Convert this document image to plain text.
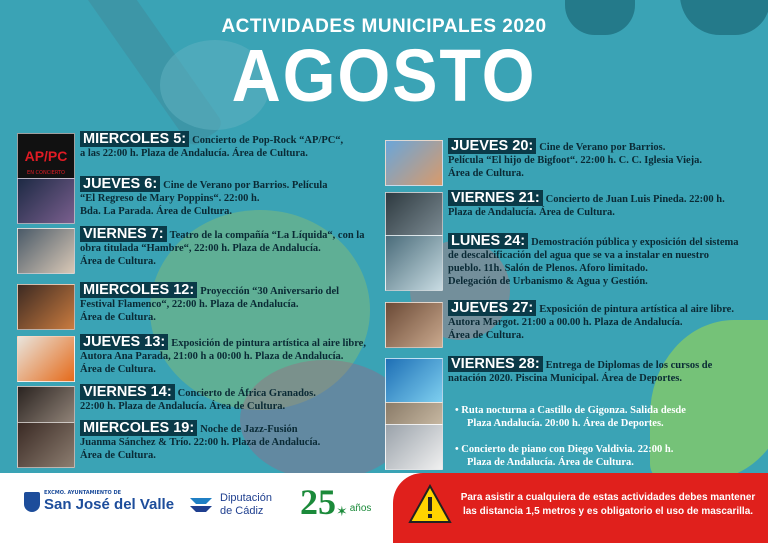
ACTIVIDADES MUNICIPALES 2020
AGOSTO
AP/PC
EN CONCIERTO
MIERCOLES 5: Concierto de Pop-Rock “AP/PC“,
a las 22:00 h. Plaza de Andalucía. Área de Cultura.
JUEVES 6: Cine de Verano por Barrios. Película
“El Regreso de Mary Poppins“. 22:00 h.
Bda. La Parada. Área de Cultura.
VIERNES 7: Teatro de la compañía “La Líquida“, con la
obra titulada “Hambre“, 22:00 h. Plaza de Andalucía.
Área de Cultura.
MIERCOLES 12: Proyección “30 Aniversario del
Festival Flamenco“, 22:00 h. Plaza de Andalucía.
Área de Cultura.
JUEVES 13: Exposición de pintura artística al aire libre,
Autora Ana Parada, 21:00 h a 00:00 h. Plaza de Andalucía.
Área de Cultura.
VIERNES 14: Concierto de África Granados.
22:00 h. Plaza de Andalucía. Área de Cultura.
MIERCOLES 19: Noche de Jazz-Fusión
Juanma Sánchez & Trío. 22:00 h. Plaza de Andalucía.
Área de Cultura.
JUEVES 20: Cine de Verano por Barrios.
Película “El hijo de Bigfoot“. 22:00 h. C. C. Iglesia Vieja.
Área de Cultura.
VIERNES 21: Concierto de Juan Luis Pineda. 22:00 h.
Plaza de Andalucía. Área de Cultura.
LUNES 24: Demostración pública y exposición del sistema
de descalcificación del agua que se va a instalar en nuestro
pueblo. 11h. Salón de Plenos. Aforo limitado.
Delegación de Urbanismo & Agua y Gestión.
JUEVES 27: Exposición de pintura artística al aire libre.
Autora Margot. 21:00 a 00.00 h. Plaza de Andalucía.
Área de Cultura.
VIERNES 28: Entrega de Diplomas de los cursos de
natación 2020. Piscina Municipal. Área de Deportes.
• Ruta nocturna a Castillo de Gigonza. Salida desde
Plaza Andalucía. 20:00 h. Área de Deportes.
• Concierto de piano con Diego Valdivia. 22:00 h.
Plaza de Andalucía. Área de Cultura.
EXCMO. AYUNTAMIENTO DE
San José del Valle	Diputación
de Cádiz 25 ✶ años
Para asistir a cualquiera de estas actividades debes mantener las distancia 1,5 metros y es obligatorio el uso de mascarilla.
